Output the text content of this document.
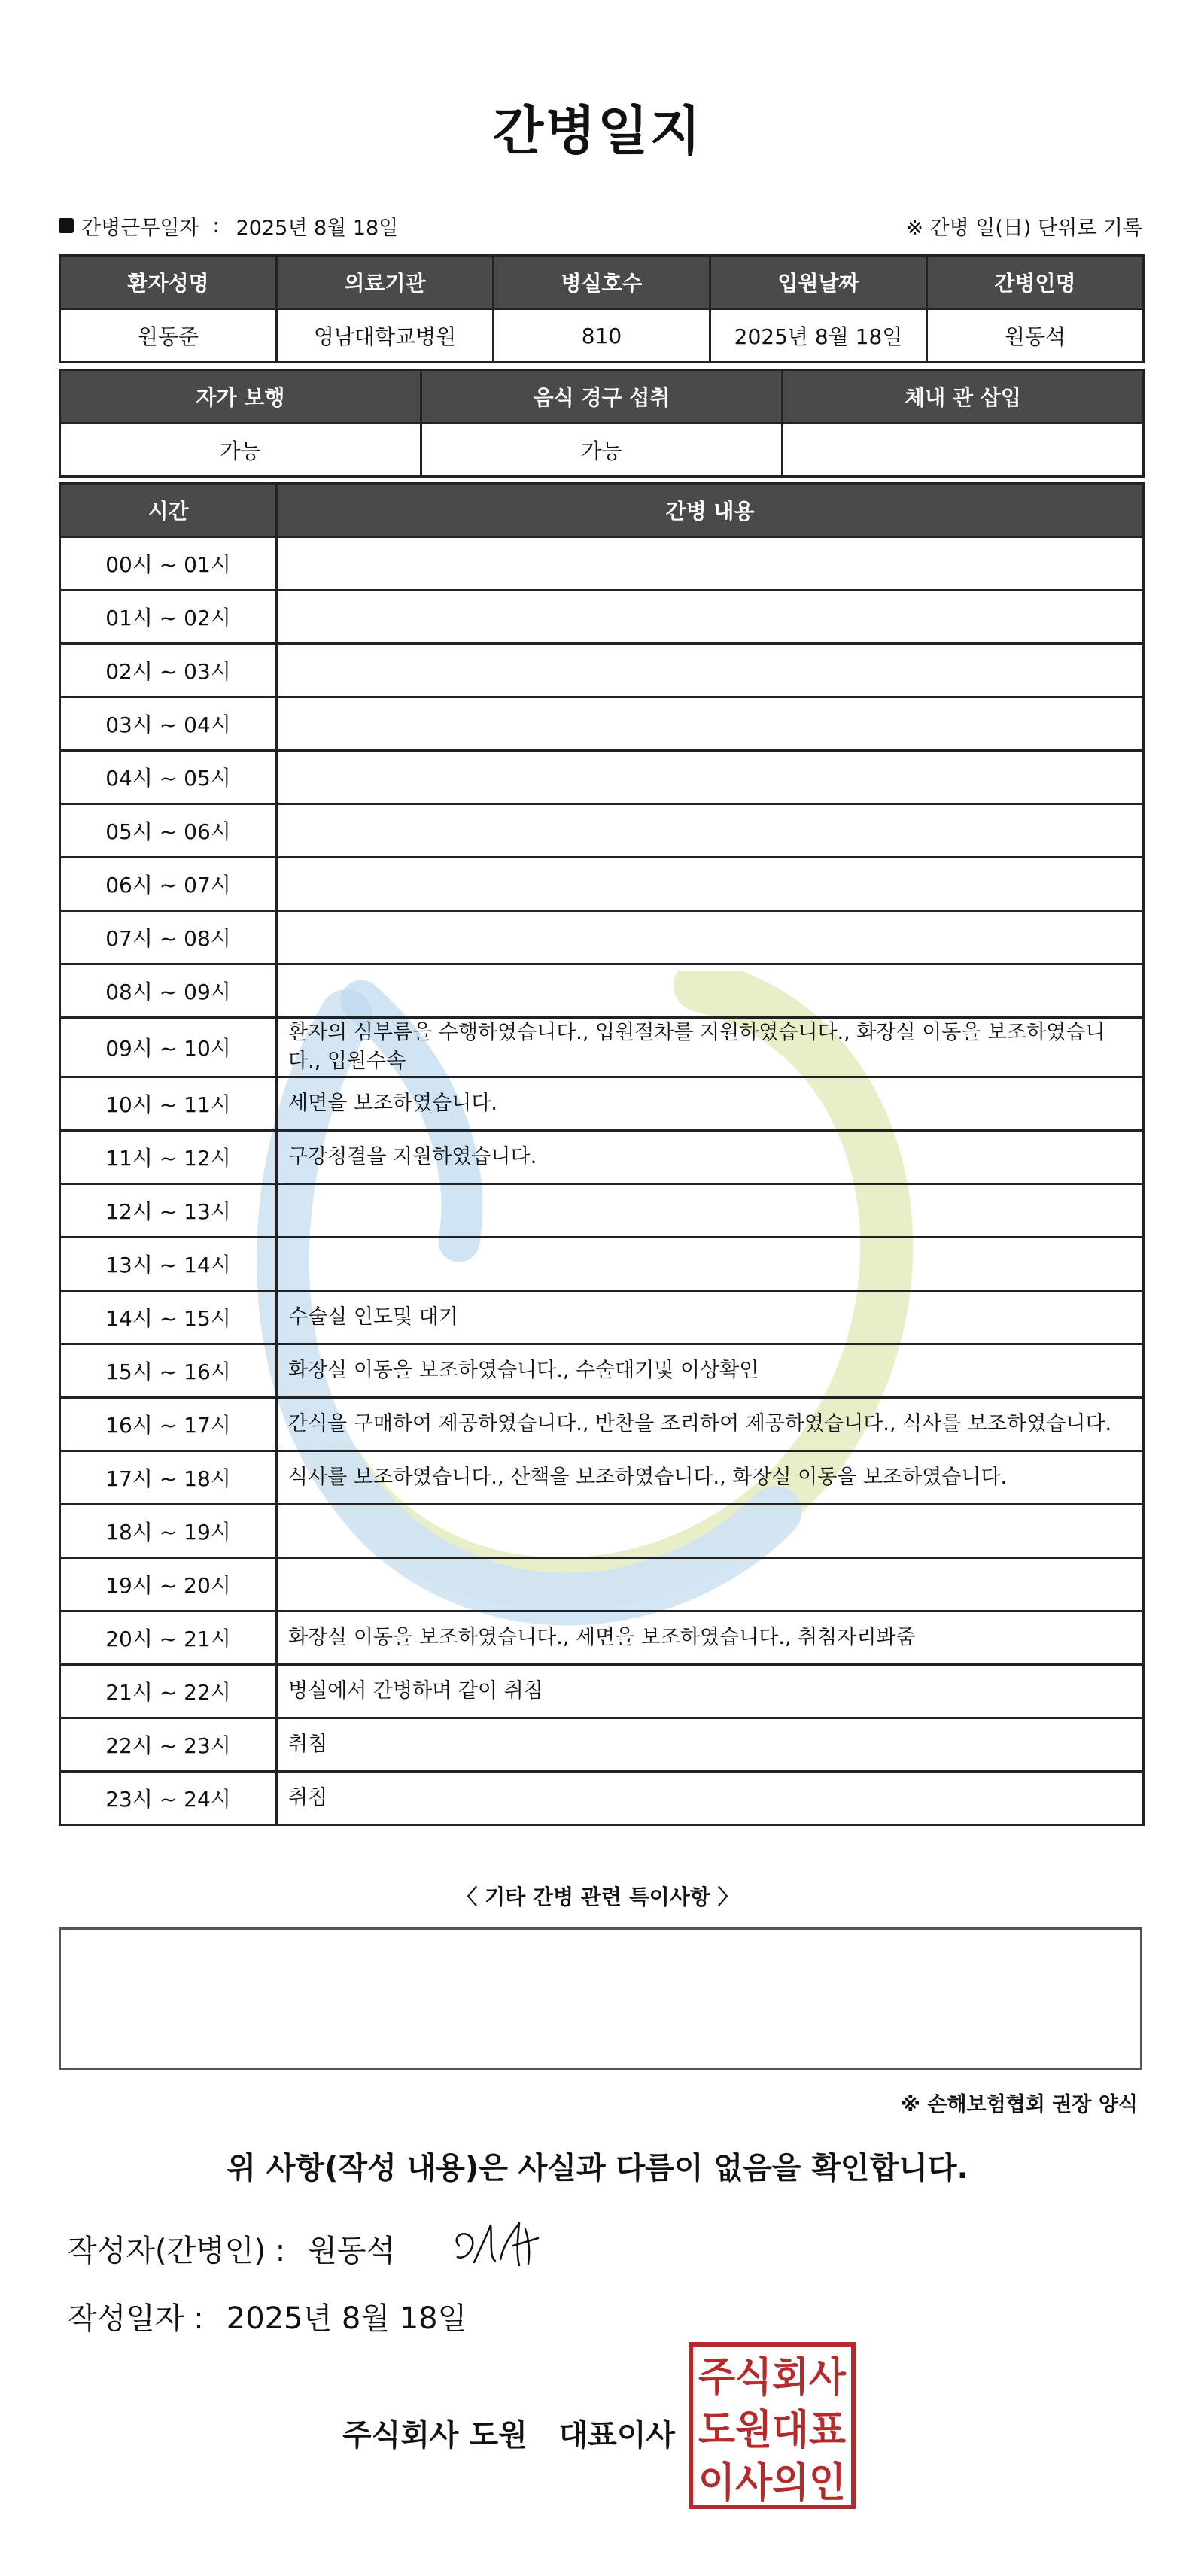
간병일지
간병근무일자 : 2025년 8월 18일	※ 간병 일(日) 단위로 기록
환자성명	의료기관	병실호수	입원날짜	간병인명
원동준	영남대학교병원	810	2025년 8월 18일	원동석
자가 보행	음식 경구 섭취	체내 관 삽입
가능	가능	
시간	간병 내용
00시 ~ 01시	
01시 ~ 02시	
02시 ~ 03시	
03시 ~ 04시	
04시 ~ 05시	
05시 ~ 06시	
06시 ~ 07시	
07시 ~ 08시	
08시 ~ 09시	
09시 ~ 10시	환자의 심부름을 수행하였습니다., 입원절차를 지원하였습니다., 화장실 이동을 보조하였습니다., 입원수속
10시 ~ 11시	세면을 보조하였습니다.
11시 ~ 12시	구강청결을 지원하였습니다.
12시 ~ 13시	
13시 ~ 14시	
14시 ~ 15시	수술실 인도및 대기
15시 ~ 16시	화장실 이동을 보조하였습니다., 수술대기및 이상확인
16시 ~ 17시	간식을 구매하여 제공하였습니다., 반찬을 조리하여 제공하였습니다., 식사를 보조하였습니다.
17시 ~ 18시	식사를 보조하였습니다., 산책을 보조하였습니다., 화장실 이동을 보조하였습니다.
18시 ~ 19시	
19시 ~ 20시	
20시 ~ 21시	화장실 이동을 보조하였습니다., 세면을 보조하였습니다., 취침자리봐줌
21시 ~ 22시	병실에서 간병하며 같이 취침
22시 ~ 23시	취침
23시 ~ 24시	취침
〈 기타 간병 관련 특이사항 〉
※ 손해보험협회 권장 양식
위 사항(작성 내용)은 사실과 다름이 없음을 확인합니다.
작성자(간병인) : 원동석
작성일자 : 2025년 8월 18일
주식회사 도원   대표이사
주식회사
도원대표
이사의인
